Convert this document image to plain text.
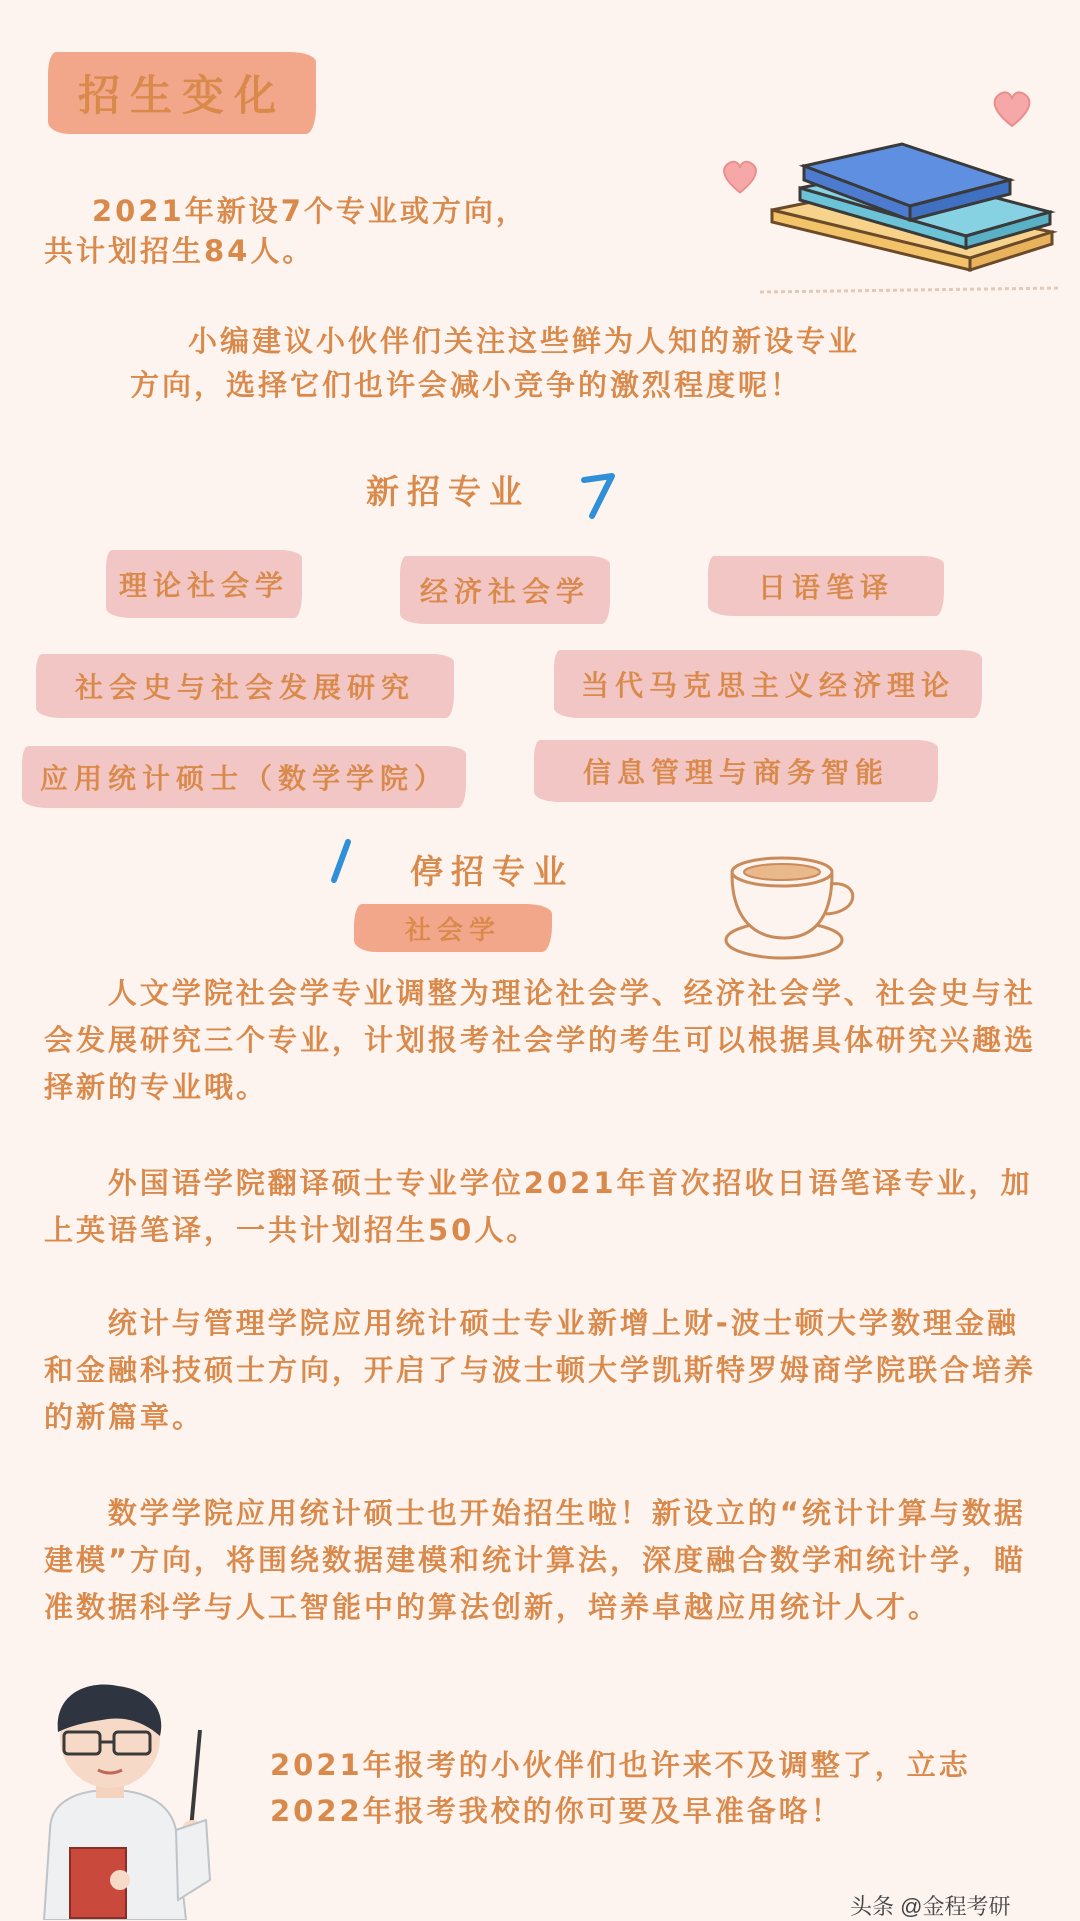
招生变化

2021年新设7个专业或方向，

共计划招生84人。

小编建议小伙伴们关注这些鲜为人知的新设专业

方向，选择它们也许会减小竞争的激烈程度呢！

新招专业
理论社会学	经济社会学	日语笔译
社会史与社会发展研究	当代马克思主义经济理论
应用统计硕士（数学学院）	信息管理与商务智能
停招专业
社会学

人文学院社会学专业调整为理论社会学、经济社会学、社会史与社会发展研究三个专业，计划报考社会学的考生可以根据具体研究兴趣选择新的专业哦。

外国语学院翻译硕士专业学位2021年首次招收日语笔译专业，加上英语笔译，一共计划招生50人。

统计与管理学院应用统计硕士专业新增上财-波士顿大学数理金融和金融科技硕士方向，开启了与波士顿大学凯斯特罗姆商学院联合培养的新篇章。

数学学院应用统计硕士也开始招生啦！新设立的“统计计算与数据建模”方向，将围绕数据建模和统计算法，深度融合数学和统计学，瞄准数据科学与人工智能中的算法创新，培养卓越应用统计人才。

2021年报考的小伙伴们也许来不及调整了，立志

2022年报考我校的你可要及早准备咯！

头条 @金程考研
